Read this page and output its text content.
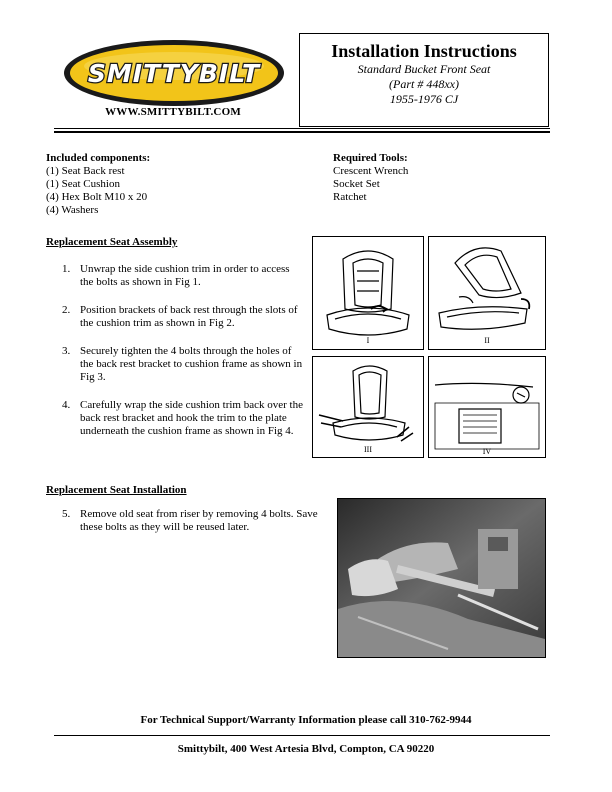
SMITTYBILT
WWW.SMITTYBILT.COM
Installation Instructions
Standard Bucket Front Seat
(Part # 448xx)
1955-1976 CJ
Included components:
(1) Seat Back rest
(1) Seat Cushion
(4) Hex Bolt M10 x 20
(4) Washers
Required Tools:
Crescent Wrench
Socket Set
Ratchet
Replacement Seat Assembly
1. Unwrap the side cushion trim in order to access the bolts as shown in Fig 1.
2. Position brackets of back rest through the slots of the cushion trim as shown in Fig 2.
3. Securely tighten the 4 bolts through the holes of the back rest bracket to cushion frame as shown in Fig 3.
4. Carefully wrap the side cushion trim back over the back rest bracket and hook the trim to the plate underneath the cushion frame as shown in Fig 4.
I	II
III	IV
Replacement Seat Installation
5. Remove old seat from riser by removing 4 bolts. Save these bolts as they will be reused later.
For Technical Support/Warranty Information please call 310-762-9944
Smittybilt, 400 West Artesia Blvd, Compton, CA 90220
